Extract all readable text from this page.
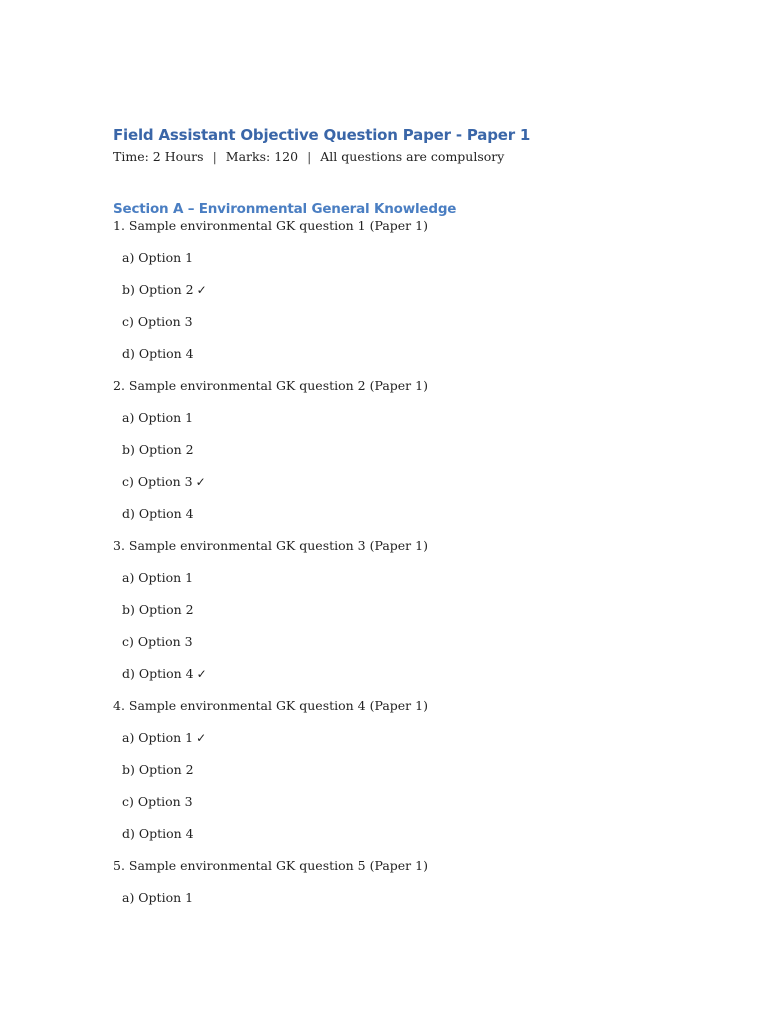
Field Assistant Objective Question Paper - Paper 1
Time: 2 Hours | Marks: 120 | All questions are compulsory
Section A – Environmental General Knowledge
1. Sample environmental GK question 1 (Paper 1)
a) Option 1
b) Option 2 ✓
c) Option 3
d) Option 4
2. Sample environmental GK question 2 (Paper 1)
a) Option 1
b) Option 2
c) Option 3 ✓
d) Option 4
3. Sample environmental GK question 3 (Paper 1)
a) Option 1
b) Option 2
c) Option 3
d) Option 4 ✓
4. Sample environmental GK question 4 (Paper 1)
a) Option 1 ✓
b) Option 2
c) Option 3
d) Option 4
5. Sample environmental GK question 5 (Paper 1)
a) Option 1
